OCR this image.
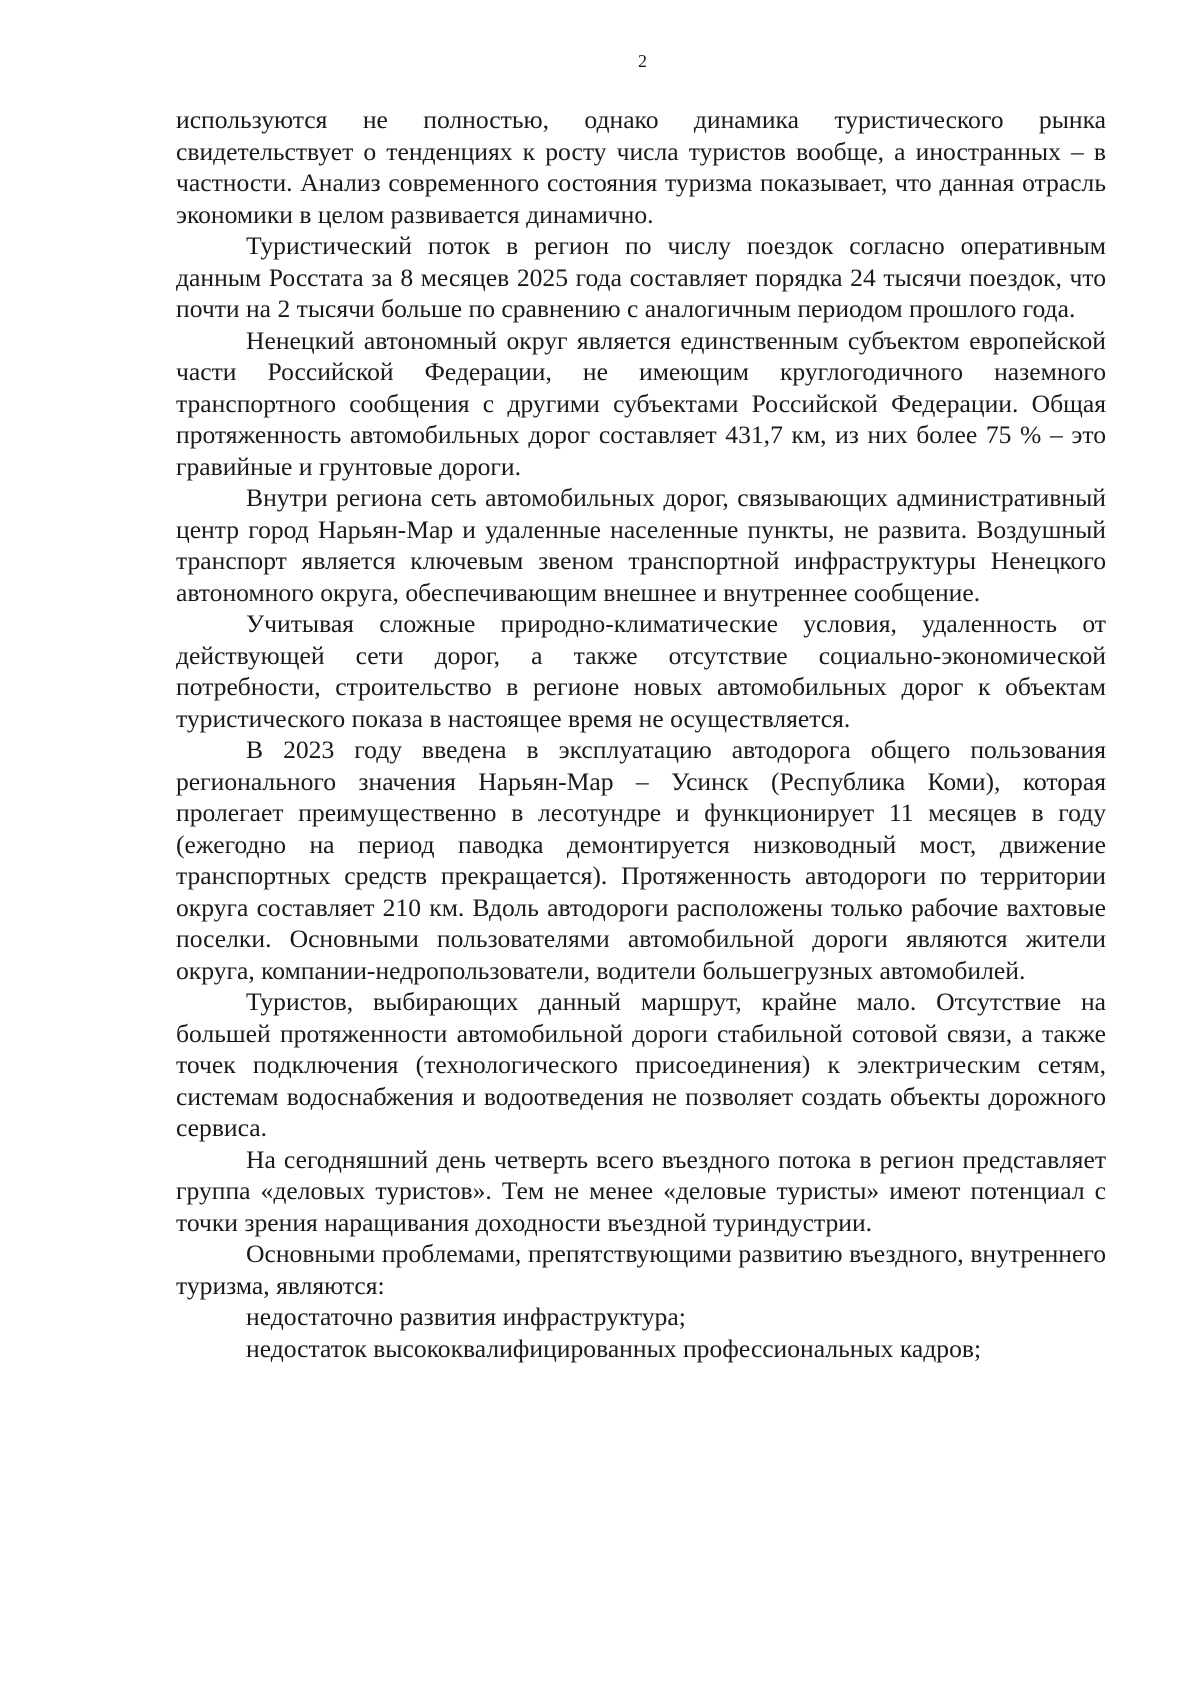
2

используются не полностью, однако динамика туристического рынка свидетельствует о тенденциях к росту числа туристов вообще, а иностранных – в частности. Анализ современного состояния туризма показывает, что данная отрасль экономики в целом развивается динамично.

Туристический поток в регион по числу поездок согласно оперативным данным Росстата за 8 месяцев 2025 года составляет порядка 24 тысячи поездок, что почти на 2 тысячи больше по сравнению с аналогичным периодом прошлого года.

Ненецкий автономный округ является единственным субъектом европейской части Российской Федерации, не имеющим круглогодичного наземного транспортного сообщения с другими субъектами Российской Федерации. Общая протяженность автомобильных дорог составляет 431,7 км, из них более 75 % – это гравийные и грунтовые дороги.

Внутри региона сеть автомобильных дорог, связывающих административный центр город Нарьян-Мар и удаленные населенные пункты, не развита. Воздушный транспорт является ключевым звеном транспортной инфраструктуры Ненецкого автономного округа, обеспечивающим внешнее и внутреннее сообщение.

Учитывая сложные природно-климатические условия, удаленность от действующей сети дорог, а также отсутствие социально-экономической потребности, строительство в регионе новых автомобильных дорог к объектам туристического показа в настоящее время не осуществляется.

В 2023 году введена в эксплуатацию автодорога общего пользования регионального значения Нарьян-Мар – Усинск (Республика Коми), которая пролегает преимущественно в лесотундре и функционирует 11 месяцев в году (ежегодно на период паводка демонтируется низководный мост, движение транспортных средств прекращается). Протяженность автодороги по территории округа составляет 210 км. Вдоль автодороги расположены только рабочие вахтовые поселки. Основными пользователями автомобильной дороги являются жители округа, компании-недропользователи, водители большегрузных автомобилей.

Туристов, выбирающих данный маршрут, крайне мало. Отсутствие на большей протяженности автомобильной дороги стабильной сотовой связи, а также точек подключения (технологического присоединения) к электрическим сетям, системам водоснабжения и водоотведения не позволяет создать объекты дорожного сервиса.

На сегодняшний день четверть всего въездного потока в регион представляет группа «деловых туристов». Тем не менее «деловые туристы» имеют потенциал с точки зрения наращивания доходности въездной туриндустрии.

Основными проблемами, препятствующими развитию въездного, внутреннего туризма, являются:

недостаточно развития инфраструктура;

недостаток высококвалифицированных профессиональных кадров;
